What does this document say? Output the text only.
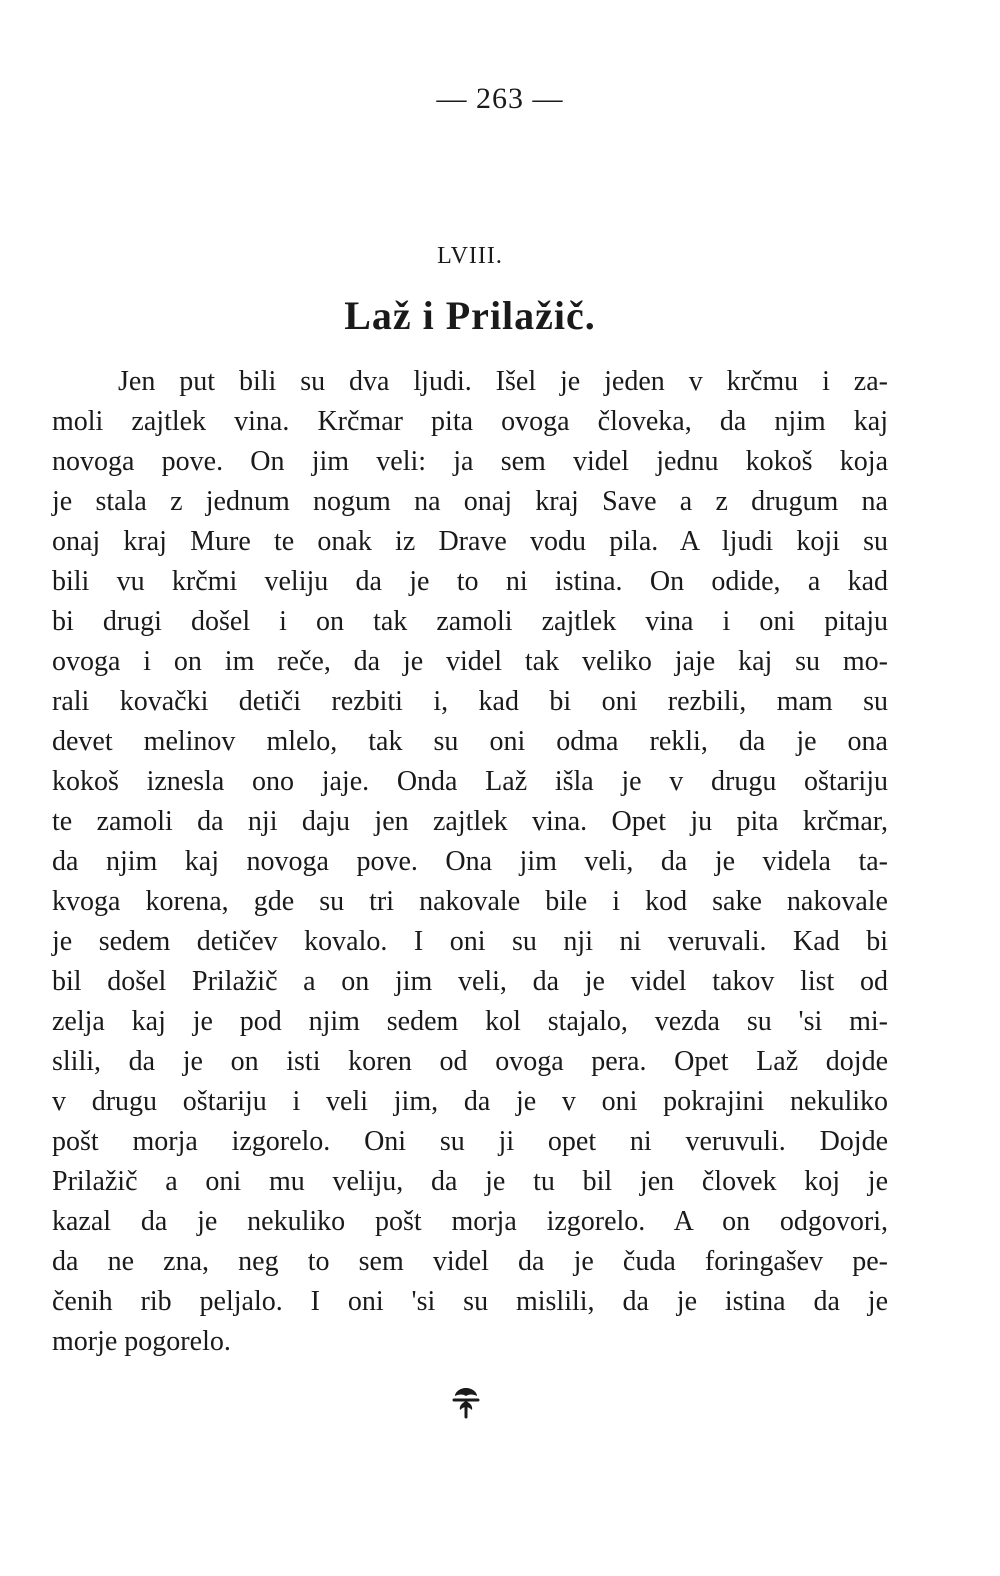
— 263 —
LVIII.
Laž i Prilažič.
Jen put bili su dva ljudi. Išel je jeden v krčmu i za-
moli zajtlek vina. Krčmar pita ovoga človeka, da njim kaj
novoga pove. On jim veli: ja sem videl jednu kokoš koja
je stala z jednum nogum na onaj kraj Save a z drugum na
onaj kraj Mure te onak iz Drave vodu pila. A ljudi koji su
bili vu krčmi veliju da je to ni istina. On odide, a kad
bi drugi došel i on tak zamoli zajtlek vina i oni pitaju
ovoga i on im reče, da je videl tak veliko jaje kaj su mo-
rali kovački detiči rezbiti i, kad bi oni rezbili, mam su
devet melinov mlelo, tak su oni odma rekli, da je ona
kokoš iznesla ono jaje. Onda Laž išla je v drugu oštariju
te zamoli da nji daju jen zajtlek vina. Opet ju pita krčmar,
da njim kaj novoga pove. Ona jim veli, da je videla ta-
kvoga korena, gde su tri nakovale bile i kod sake nakovale
je sedem detičev kovalo. I oni su nji ni veruvali. Kad bi
bil došel Prilažič a on jim veli, da je videl takov list od
zelja kaj je pod njim sedem kol stajalo, vezda su 'si mi-
slili, da je on isti koren od ovoga pera. Opet Laž dojde
v drugu oštariju i veli jim, da je v oni pokrajini nekuliko
pošt morja izgorelo. Oni su ji opet ni veruvuli. Dojde
Prilažič a oni mu veliju, da je tu bil jen človek koj je
kazal da je nekuliko pošt morja izgorelo. A on odgovori,
da ne zna, neg to sem videl da je čuda foringašev pe-
čenih rib peljalo. I oni 'si su mislili, da je istina da je
morje pogorelo.
